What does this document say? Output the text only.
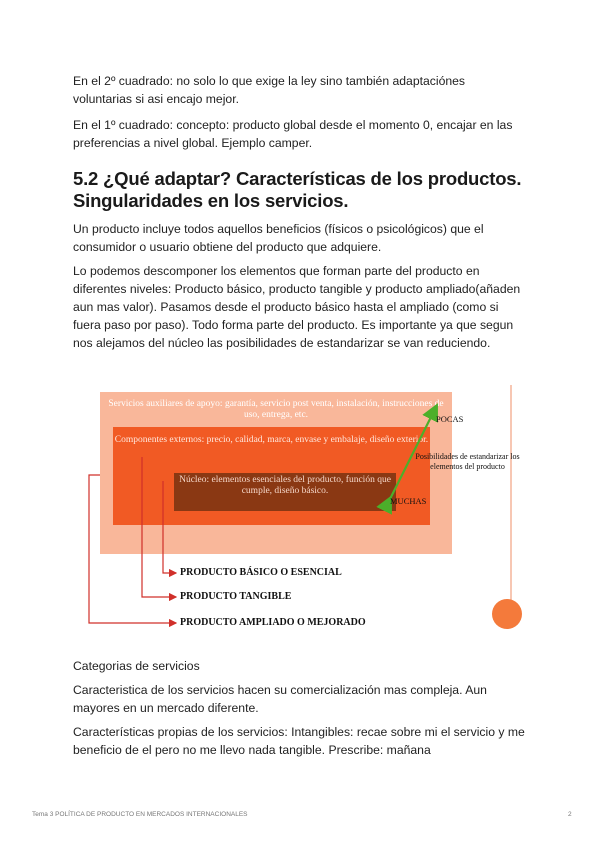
En el 2º cuadrado: no solo lo que exige la ley sino también adaptaciónes voluntarias si asi encajo mejor.

En el 1º cuadrado: concepto: producto global desde el momento 0, encajar en las preferencias a nivel global. Ejemplo camper.

5.2 ¿Qué adaptar? Características de los productos. Singularidades en los servicios.

Un producto incluye todos aquellos beneficios (físicos o psicológicos) que el consumidor o usuario obtiene del producto que adquiere.

Lo podemos descomponer los elementos que forman parte del producto en diferentes niveles: Producto básico, producto tangible y producto ampliado(añaden aun mas valor). Pasamos desde el producto básico hasta el ampliado (como si fuera paso por paso). Todo forma parte del producto. Es importante ya que segun nos alejamos del núcleo las posibilidades de estandarizar se van reduciendo.

Servicios auxiliares de apoyo: garantía, servicio post venta, instalación, instrucciones de uso, entrega, etc.
Componentes externos: precio, calidad, marca, envase y embalaje, diseño exterior.
Núcleo: elementos esenciales del producto, función que cumple, diseño básico.
POCAS
Posibilidades de estandarizar los elementos del producto
MUCHAS
PRODUCTO BÁSICO O ESENCIAL
PRODUCTO TANGIBLE
PRODUCTO AMPLIADO O MEJORADO

Categorias de servicios

Caracteristica de los servicios hacen su comercialización mas compleja. Aun mayores en un mercado diferente.

Características propias de los servicios: Intangibles: recae sobre mi el servicio y me beneficio de el pero no me llevo nada tangible. Prescribe: mañana

Tema 3 POLÍTICA DE PRODUCTO EN MERCADOS INTERNACIONALES	2
